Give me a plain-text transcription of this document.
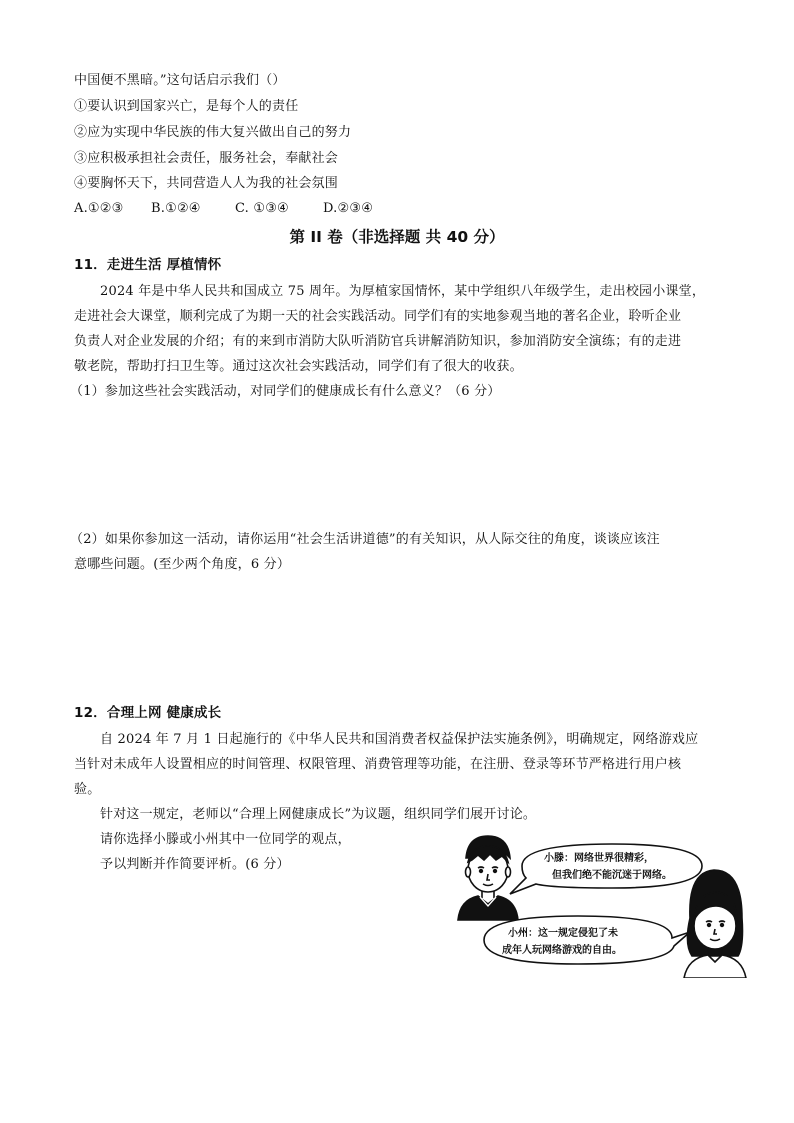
中国便不黑暗。”这句话启示我们（）
①要认识到国家兴亡，是每个人的责任
②应为实现中华民族的伟大复兴做出自己的努力
③应积极承担社会责任，服务社会，奉献社会
④要胸怀天下，共同营造人人为我的社会氛围
A.①②③ B.①②④	C. ①③④	D.②③④
第 II 卷（非选择题 共 40 分）
11．走进生活 厚植情怀
2024 年是中华人民共和国成立 75 周年。为厚植家国情怀，某中学组织八年级学生，走出校园小课堂，
走进社会大课堂，顺利完成了为期一天的社会实践活动。同学们有的实地参观当地的著名企业，聆听企业
负责人对企业发展的介绍；有的来到市消防大队听消防官兵讲解消防知识，参加消防安全演练；有的走进
敬老院，帮助打扫卫生等。通过这次社会实践活动，同学们有了很大的收获。
（1）参加这些社会实践活动，对同学们的健康成长有什么意义？（6 分）
（2）如果你参加这一活动，请你运用“社会生活讲道德”的有关知识，从人际交往的角度，谈谈应该注
意哪些问题。(至少两个角度，6 分）
12．合理上网 健康成长
自 2024 年 7 月 1 日起施行的《中华人民共和国消费者权益保护法实施条例》，明确规定，网络游戏应
当针对未成年人设置相应的时间管理、权限管理、消费管理等功能，在注册、登录等环节严格进行用户核
验。
针对这一规定，老师以“合理上网健康成长”为议题，组织同学们展开讨论。
请你选择小滕或小州其中一位同学的观点，
予以判断并作简要评析。(6 分）	小滕：网络世界很精彩，
但我们绝不能沉迷于网络。
小州：这一规定侵犯了未
成年人玩网络游戏的自由。
